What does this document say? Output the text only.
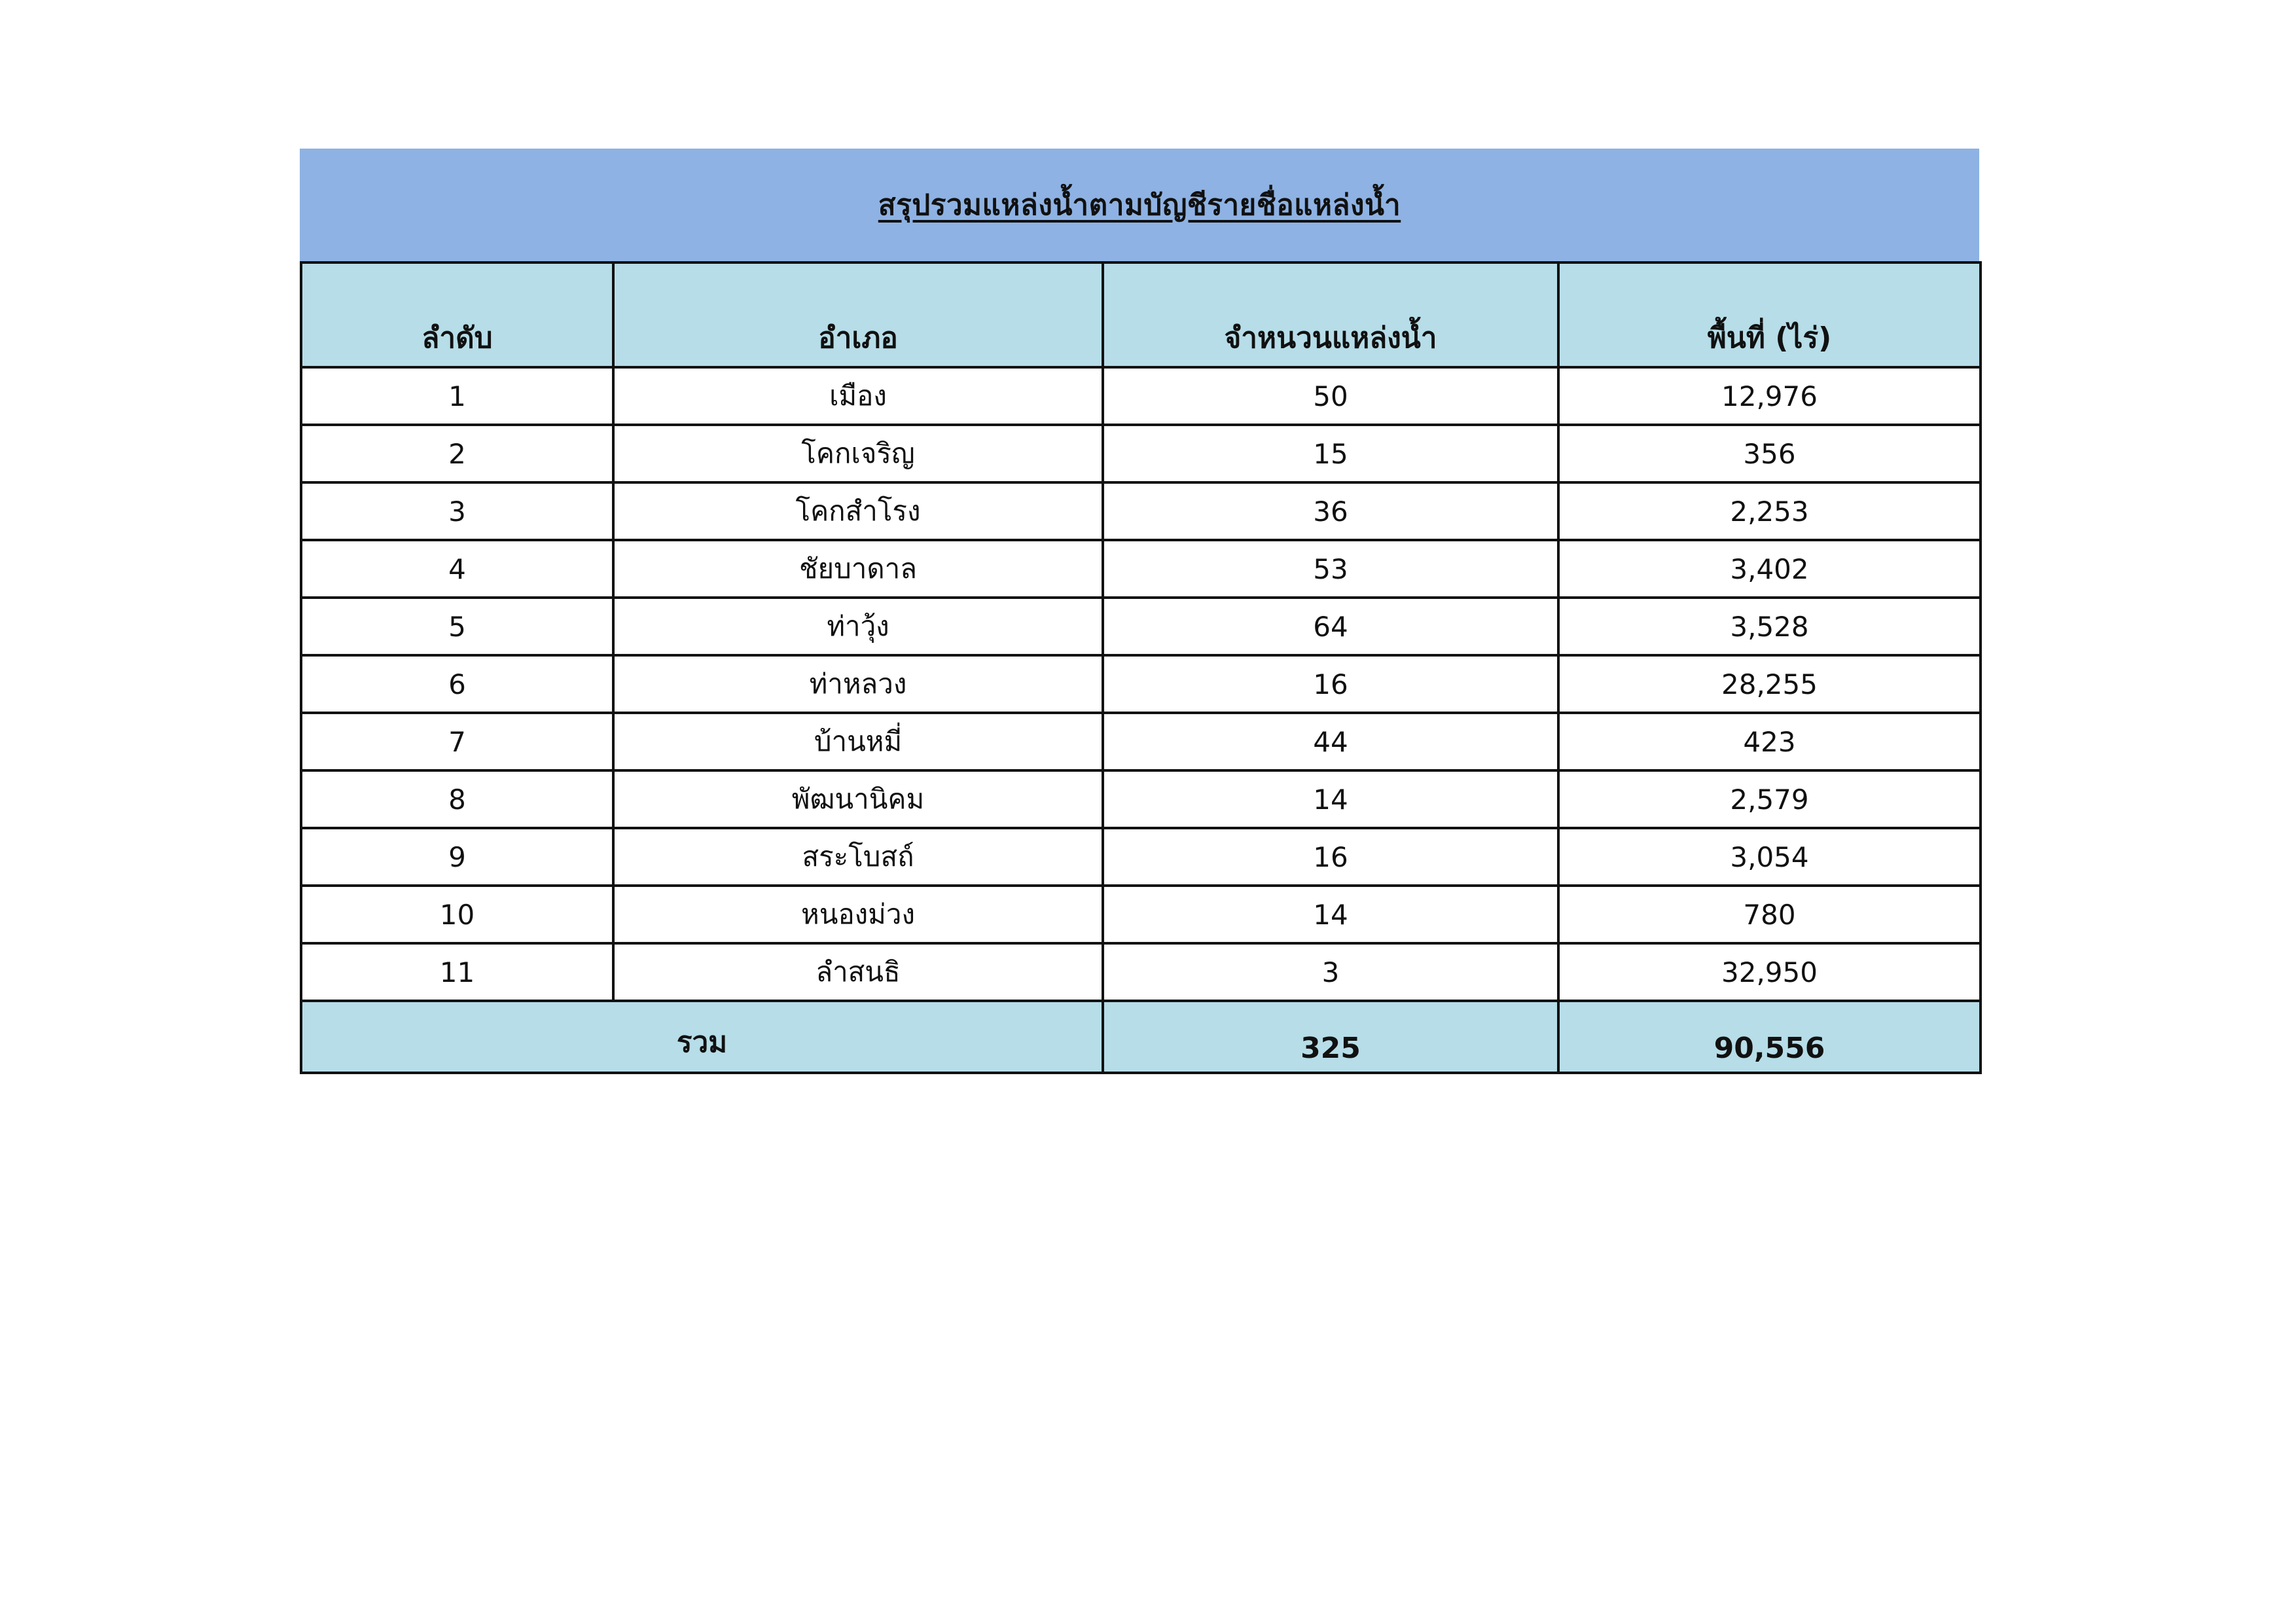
สรุปรวมแหล่งน้ำตามบัญชีรายชื่อแหล่งน้ำ
ลำดับ	อำเภอ	จำหนวนแหล่งน้ำ	พื้นที่ (ไร่)
1	เมือง	50	12,976
2	โคกเจริญ	15	356
3	โคกสำโรง	36	2,253
4	ชัยบาดาล	53	3,402
5	ท่าวุ้ง	64	3,528
6	ท่าหลวง	16	28,255
7	บ้านหมี่	44	423
8	พัฒนานิคม	14	2,579
9	สระโบสถ์	16	3,054
10	หนองม่วง	14	780
11	ลำสนธิ	3	32,950
รวม		325	90,556
